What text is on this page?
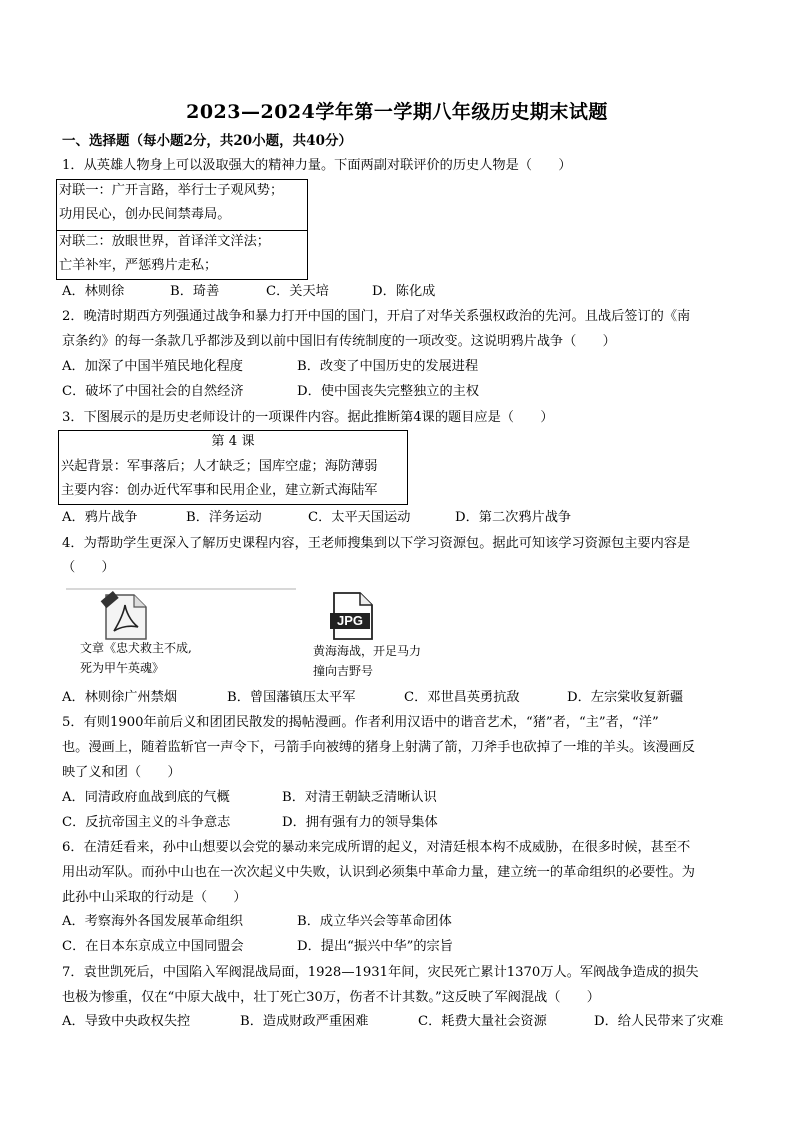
2023—2024学年第一学期八年级历史期末试题
一、选择题（每小题2分，共20小题，共40分）
1．从英雄人物身上可以汲取强大的精神力量。下面两副对联评价的历史人物是（　　）
对联一：广开言路，举行士子观风势；
功用民心，创办民间禁毒局。
对联二：放眼世界，首译洋文洋法；
亡羊补牢，严惩鸦片走私；
A．林则徐	B．琦善	C．关天培	D．陈化成
2．晚清时期西方列强通过战争和暴力打开中国的国门，开启了对华关系强权政治的先河。且战后签订的《南
京条约》的每一条款几乎都涉及到以前中国旧有传统制度的一项改变。这说明鸦片战争（　　）
A．加深了中国半殖民地化程度	B．改变了中国历史的发展进程
C．破坏了中国社会的自然经济	D．使中国丧失完整独立的主权
3．下图展示的是历史老师设计的一项课件内容。据此推断第4课的题目应是（　　）
第 4 课
兴起背景：军事落后；人才缺乏；国库空虚；海防薄弱
主要内容：创办近代军事和民用企业，建立新式海陆军
A．鸦片战争	B．洋务运动	C．太平天国运动	D．第二次鸦片战争
4．为帮助学生更深入了解历史课程内容，王老师搜集到以下学习资源包。据此可知该学习资源包主要内容是
（　　）
文章《忠犬救主不成,
死为甲午英魂》
JPG
黄海海战，开足马力
撞向吉野号
A．林则徐广州禁烟	B．曾国藩镇压太平军	C．邓世昌英勇抗敌	D．左宗棠收复新疆
5．有则1900年前后义和团团民散发的揭帖漫画。作者利用汉语中的谐音艺术，“猪”者，“主”者，“洋”
也。漫画上，随着监斩官一声令下，弓箭手向被缚的猪身上射满了箭，刀斧手也砍掉了一堆的羊头。该漫画反
映了义和团（　　）
A．同清政府血战到底的气概	B．对清王朝缺乏清晰认识
C．反抗帝国主义的斗争意志	D．拥有强有力的领导集体
6．在清廷看来，孙中山想要以会党的暴动来完成所谓的起义，对清廷根本构不成威胁，在很多时候，甚至不
用出动军队。而孙中山也在一次次起义中失败，认识到必须集中革命力量，建立统一的革命组织的必要性。为
此孙中山采取的行动是（　　）
A．考察海外各国发展革命组织	B．成立华兴会等革命团体
C．在日本东京成立中国同盟会	D．提出“振兴中华”的宗旨
7．袁世凯死后，中国陷入军阀混战局面，1928—1931年间，灾民死亡累计1370万人。军阀战争造成的损失
也极为惨重，仅在“中原大战中，壮丁死亡30万，伤者不计其数。”这反映了军阀混战（　　）
A．导致中央政权失控	B．造成财政严重困难	C．耗费大量社会资源	D．给人民带来了灾难
